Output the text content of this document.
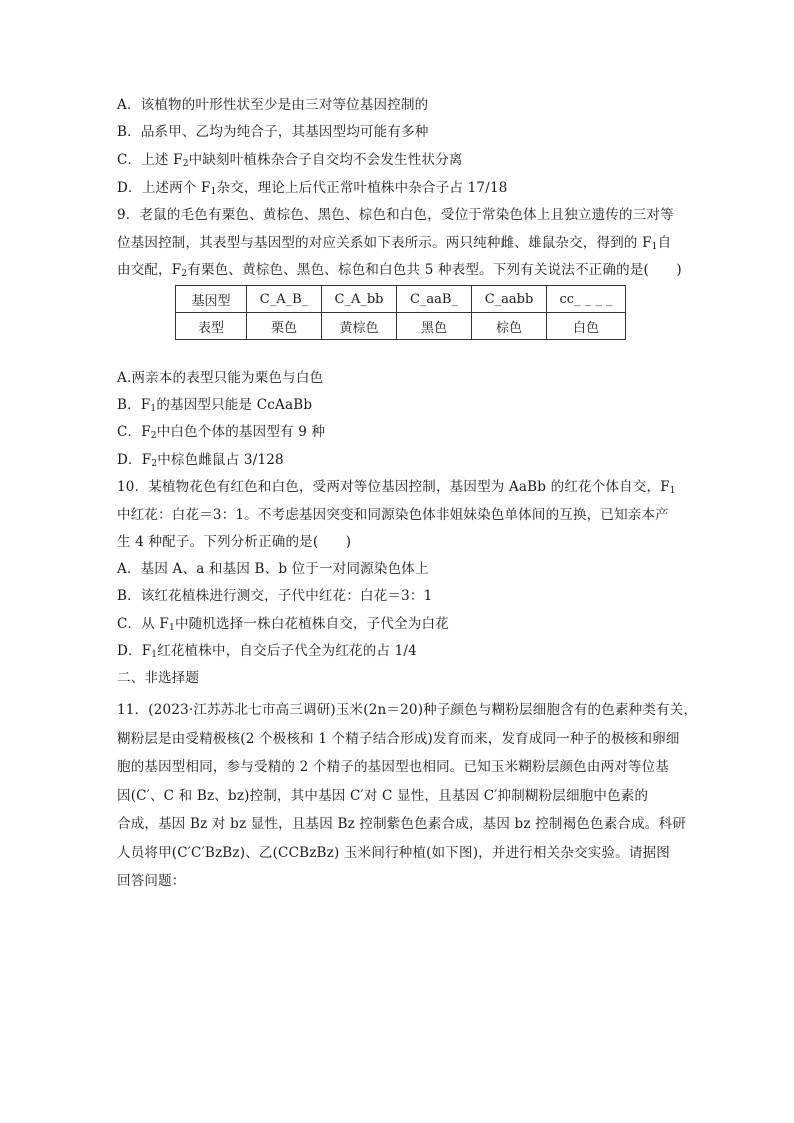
A．该植物的叶形性状至少是由三对等位基因控制的
B．品系甲、乙均为纯合子，其基因型均可能有多种
C．上述 $F_2$中缺刻叶植株杂合子自交均不会发生性状分离
D．上述两个 $F_1$杂交，理论上后代正常叶植株中杂合子占 17/18
9．老鼠的毛色有栗色、黄棕色、黑色、棕色和白色，受位于常染色体上且独立遗传的三对等
位基因控制，其表型与基因型的对应关系如下表所示。两只纯种雌、雄鼠杂交，得到的 $F_1$自
由交配，$F_2$有栗色、黄棕色、黑色、棕色和白色共 5 种表型。下列有关说法不正确的是(　　)
A.两亲本的表型只能为栗色与白色
B．$F_1$的基因型只能是 CcAaBb
C．$F_2$中白色个体的基因型有 9 种
D．$F_2$中棕色雌鼠占 3/128
10．某植物花色有红色和白色，受两对等位基因控制，基因型为 AaBb 的红花个体自交，$F_1$
中红花：白花＝3：1。不考虑基因突变和同源染色体非姐妹染色单体间的互换，已知亲本产
生 4 种配子。下列分析正确的是(　　)
A．基因 A、a 和基因 B、b 位于一对同源染色体上
B．该红花植株进行测交，子代中红花：白花＝3：1
C．从 $F_1$中随机选择一株白花植株自交，子代全为白花
D．$F_1$红花植株中，自交后子代全为红花的占 1/4
二、非选择题
11．(2023·江苏苏北七市高三调研)玉米(2n＝20)种子颜色与糊粉层细胞含有的色素种类有关，
糊粉层是由受精极核(2 个极核和 1 个精子结合形成)发育而来，发育成同一种子的极核和卵细
胞的基因型相同，参与受精的 2 个精子的基因型也相同。已知玉米糊粉层颜色由两对等位基
因(C′、C 和 Bz、bz)控制，其中基因 C′对 C 显性，且基因 C′抑制糊粉层细胞中色素的
合成，基因 Bz 对 bz 显性，且基因 Bz 控制紫色色素合成，基因 bz 控制褐色色素合成。科研
人员将甲(C′C′BzBz)、乙(CCBzBz) 玉米间行种植(如下图)，并进行相关杂交实验。请据图
回答问题：
基因型	C_A_B_	C_A_bb	C_aaB_	C_aabb	cc_ _ _ _
表型	栗色	黄棕色	黑色	棕色	白色
